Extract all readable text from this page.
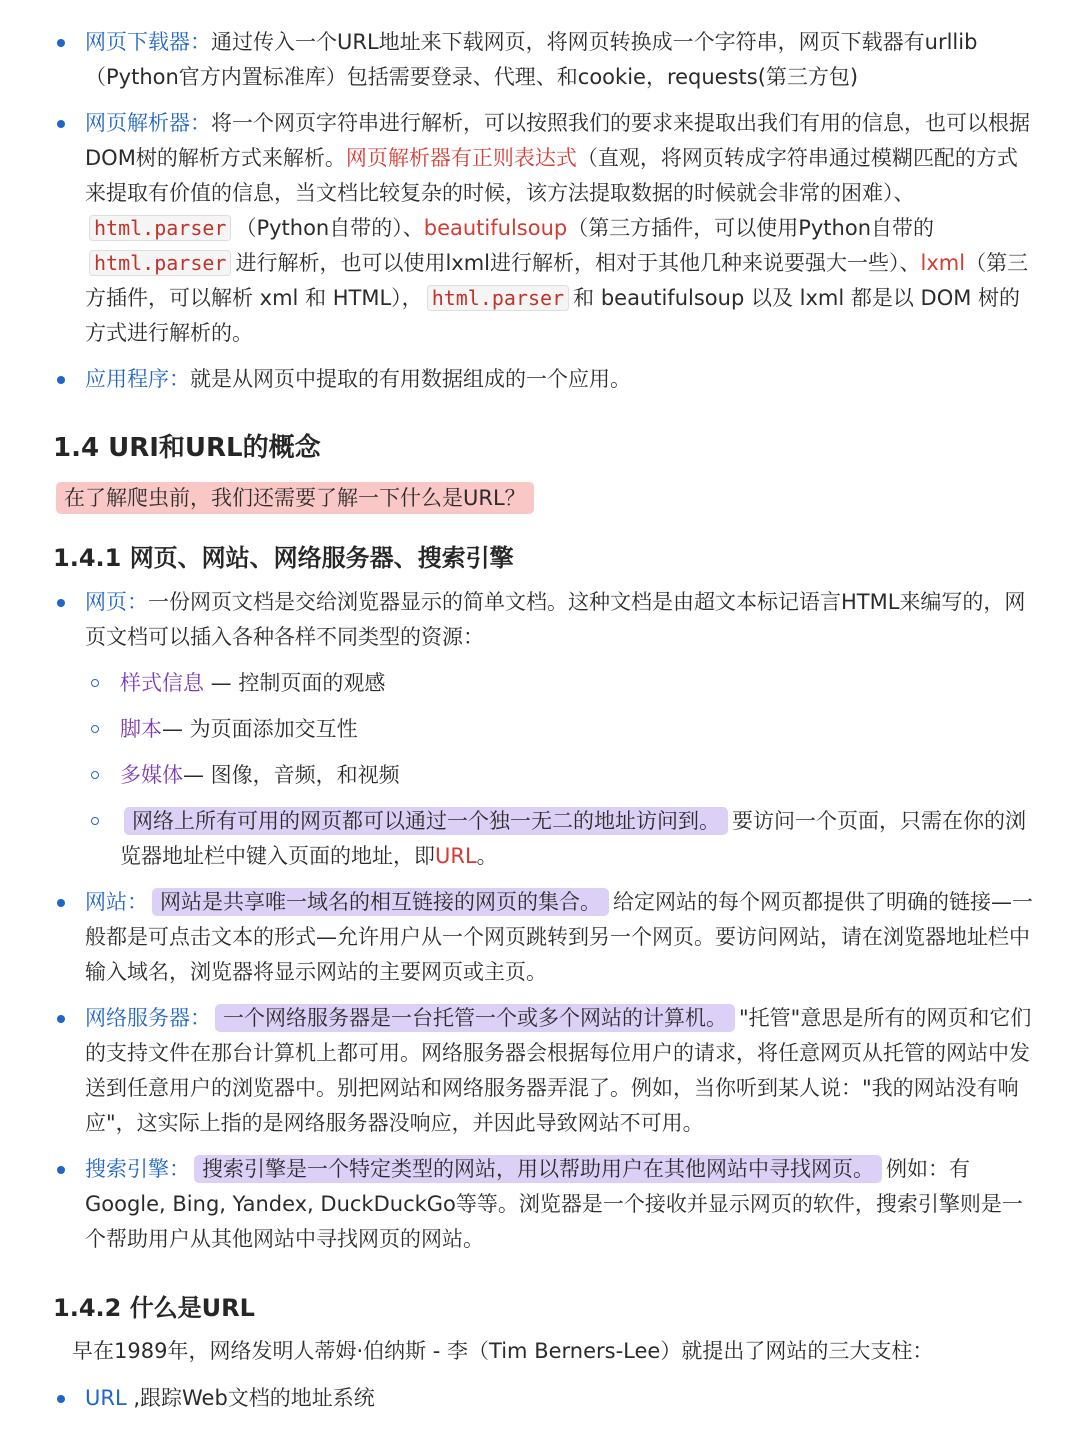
网页下载器：通过传入一个URL地址来下载网页，将网页转换成一个字符串，网页下载器有urllib（Python官方内置标准库）包括需要登录、代理、和cookie，requests(第三方包)
网页解析器：将一个网页字符串进行解析，可以按照我们的要求来提取出我们有用的信息，也可以根据DOM树的解析方式来解析。网页解析器有正则表达式（直观，将网页转成字符串通过模糊匹配的方式来提取有价值的信息，当文档比较复杂的时候，该方法提取数据的时候就会非常的困难）、html.parser （Python自带的）、beautifulsoup（第三方插件，可以使用Python自带的html.parser 进行解析，也可以使用lxml进行解析，相对于其他几种来说要强大一些）、lxml（第三方插件，可以解析 xml 和 HTML）， html.parser 和 beautifulsoup 以及 lxml 都是以 DOM 树的方式进行解析的。
应用程序：就是从网页中提取的有用数据组成的一个应用。
1.4 URI和URL的概念
在了解爬虫前，我们还需要了解一下什么是URL？
1.4.1 网页、网站、网络服务器、搜索引擎
网页：一份网页文档是交给浏览器显示的简单文档。这种文档是由超文本标记语言HTML来编写的，网页文档可以插入各种各样不同类型的资源：
样式信息 — 控制页面的观感
脚本— 为页面添加交互性
多媒体— 图像，音频，和视频
网络上所有可用的网页都可以通过一个独一无二的地址访问到。 要访问一个页面，只需在你的浏览器地址栏中键入页面的地址，即URL。
网站： 网站是共享唯一域名的相互链接的网页的集合。 给定网站的每个网页都提供了明确的链接—一般都是可点击文本的形式—允许用户从一个网页跳转到另一个网页。要访问网站，请在浏览器地址栏中输入域名，浏览器将显示网站的主要网页或主页。
网络服务器： 一个网络服务器是一台托管一个或多个网站的计算机。 "托管"意思是所有的网页和它们的支持文件在那台计算机上都可用。网络服务器会根据每位用户的请求，将任意网页从托管的网站中发送到任意用户的浏览器中。别把网站和网络服务器弄混了。例如，当你听到某人说："我的网站没有响应"，这实际上指的是网络服务器没响应，并因此导致网站不可用。
搜索引擎： 搜索引擎是一个特定类型的网站，用以帮助用户在其他网站中寻找网页。 例如：有 Google, Bing, Yandex, DuckDuckGo等等。浏览器是一个接收并显示网页的软件，搜索引擎则是一个帮助用户从其他网站中寻找网页的网站。
1.4.2 什么是URL

早在1989年，网络发明人蒂姆·伯纳斯 - 李（Tim Berners-Lee）就提出了网站的三大支柱：

URL ,跟踪Web文档的地址系统
